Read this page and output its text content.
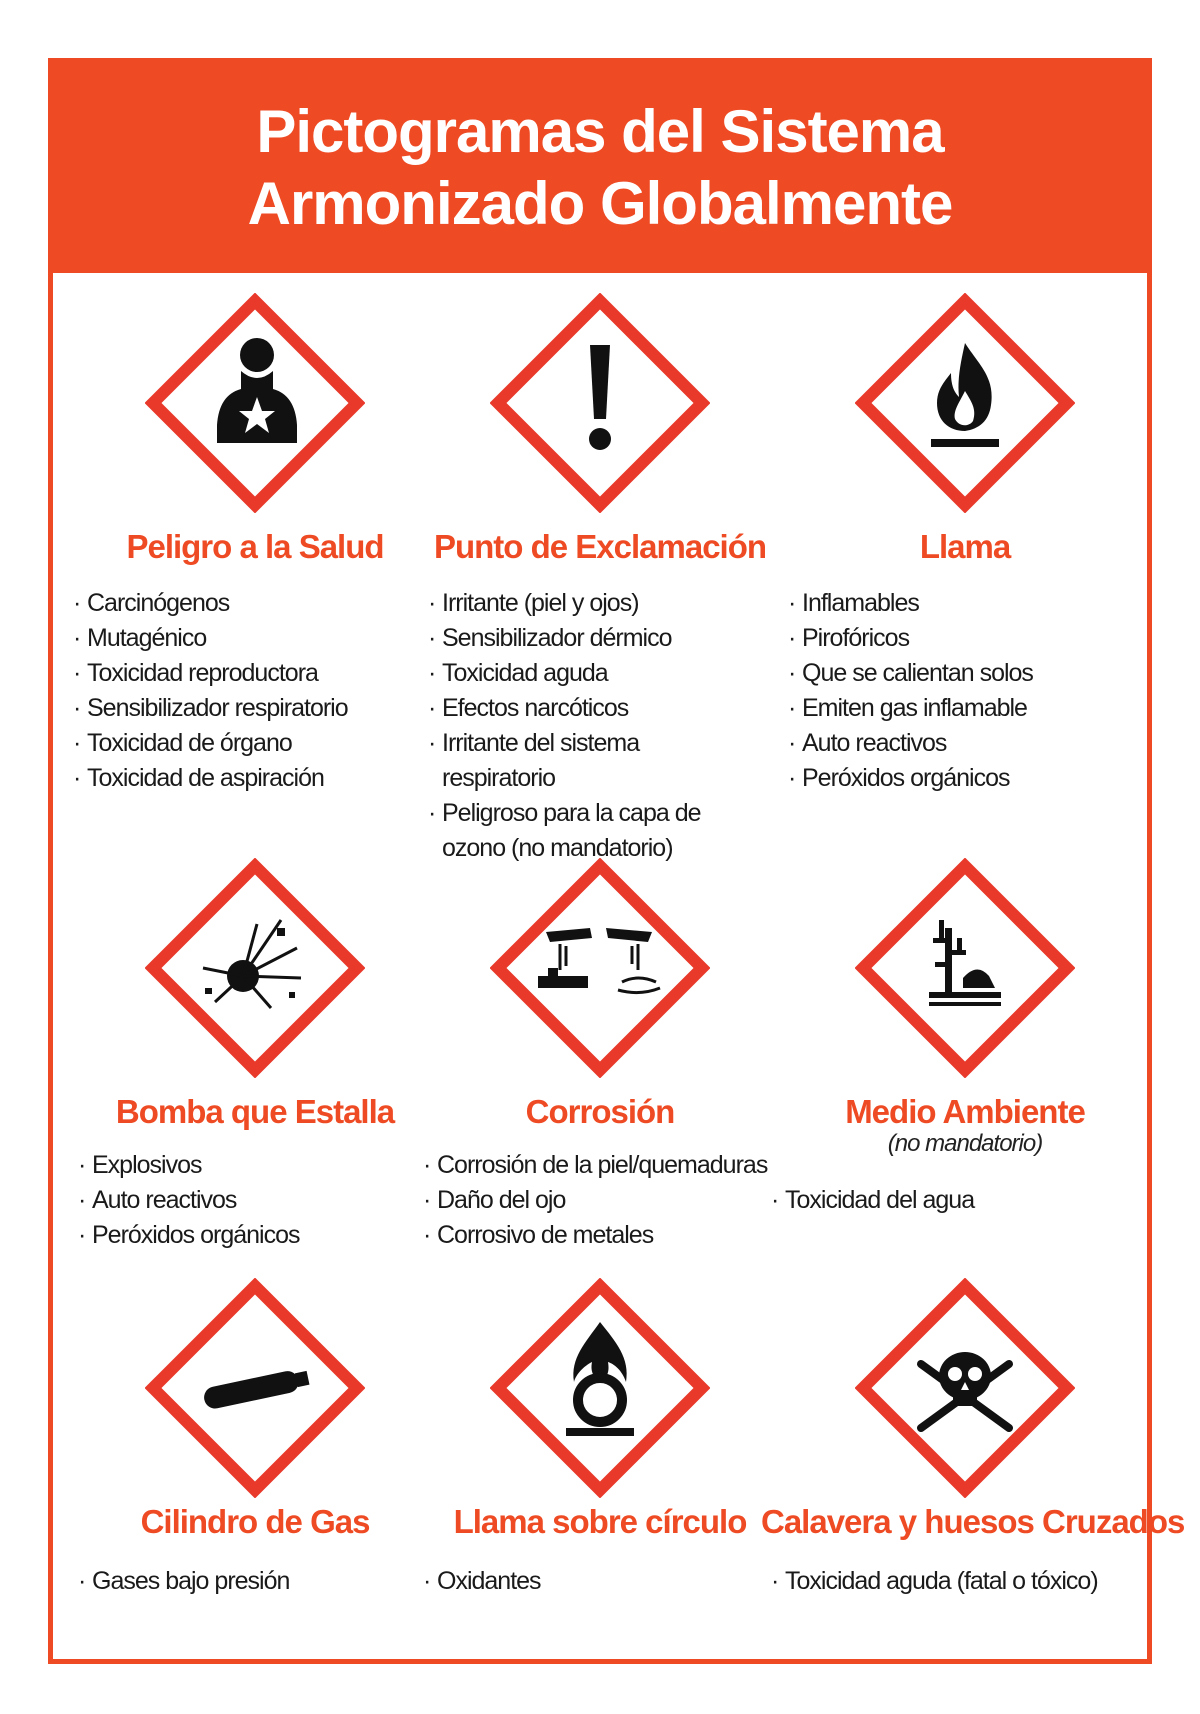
Pictogramas del Sistema
Armonizado Globalmente
Peligro a la Salud
· Carcinógenos
· Mutagénico
· Toxicidad reproductora
· Sensibilizador respiratorio
· Toxicidad de órgano
· Toxicidad de aspiración
Punto de Exclamación
· Irritante (piel y ojos)
· Sensibilizador dérmico
· Toxicidad aguda
· Efectos narcóticos
· Irritante del sistema respiratorio
· Peligroso para la capa de ozono (no mandatorio)
Llama
· Inflamables
· Pirofóricos
· Que se calientan solos
· Emiten gas inflamable
· Auto reactivos
· Peróxidos orgánicos
Bomba que Estalla
· Explosivos
· Auto reactivos
· Peróxidos orgánicos
Corrosión
· Corrosión de la piel/quemaduras
· Daño del ojo
· Corrosivo de metales
Medio Ambiente
(no mandatorio)
· Toxicidad del agua
Cilindro de Gas
· Gases bajo presión
Llama sobre círculo
· Oxidantes
Calavera y huesos Cruzados
· Toxicidad aguda (fatal o tóxico)
